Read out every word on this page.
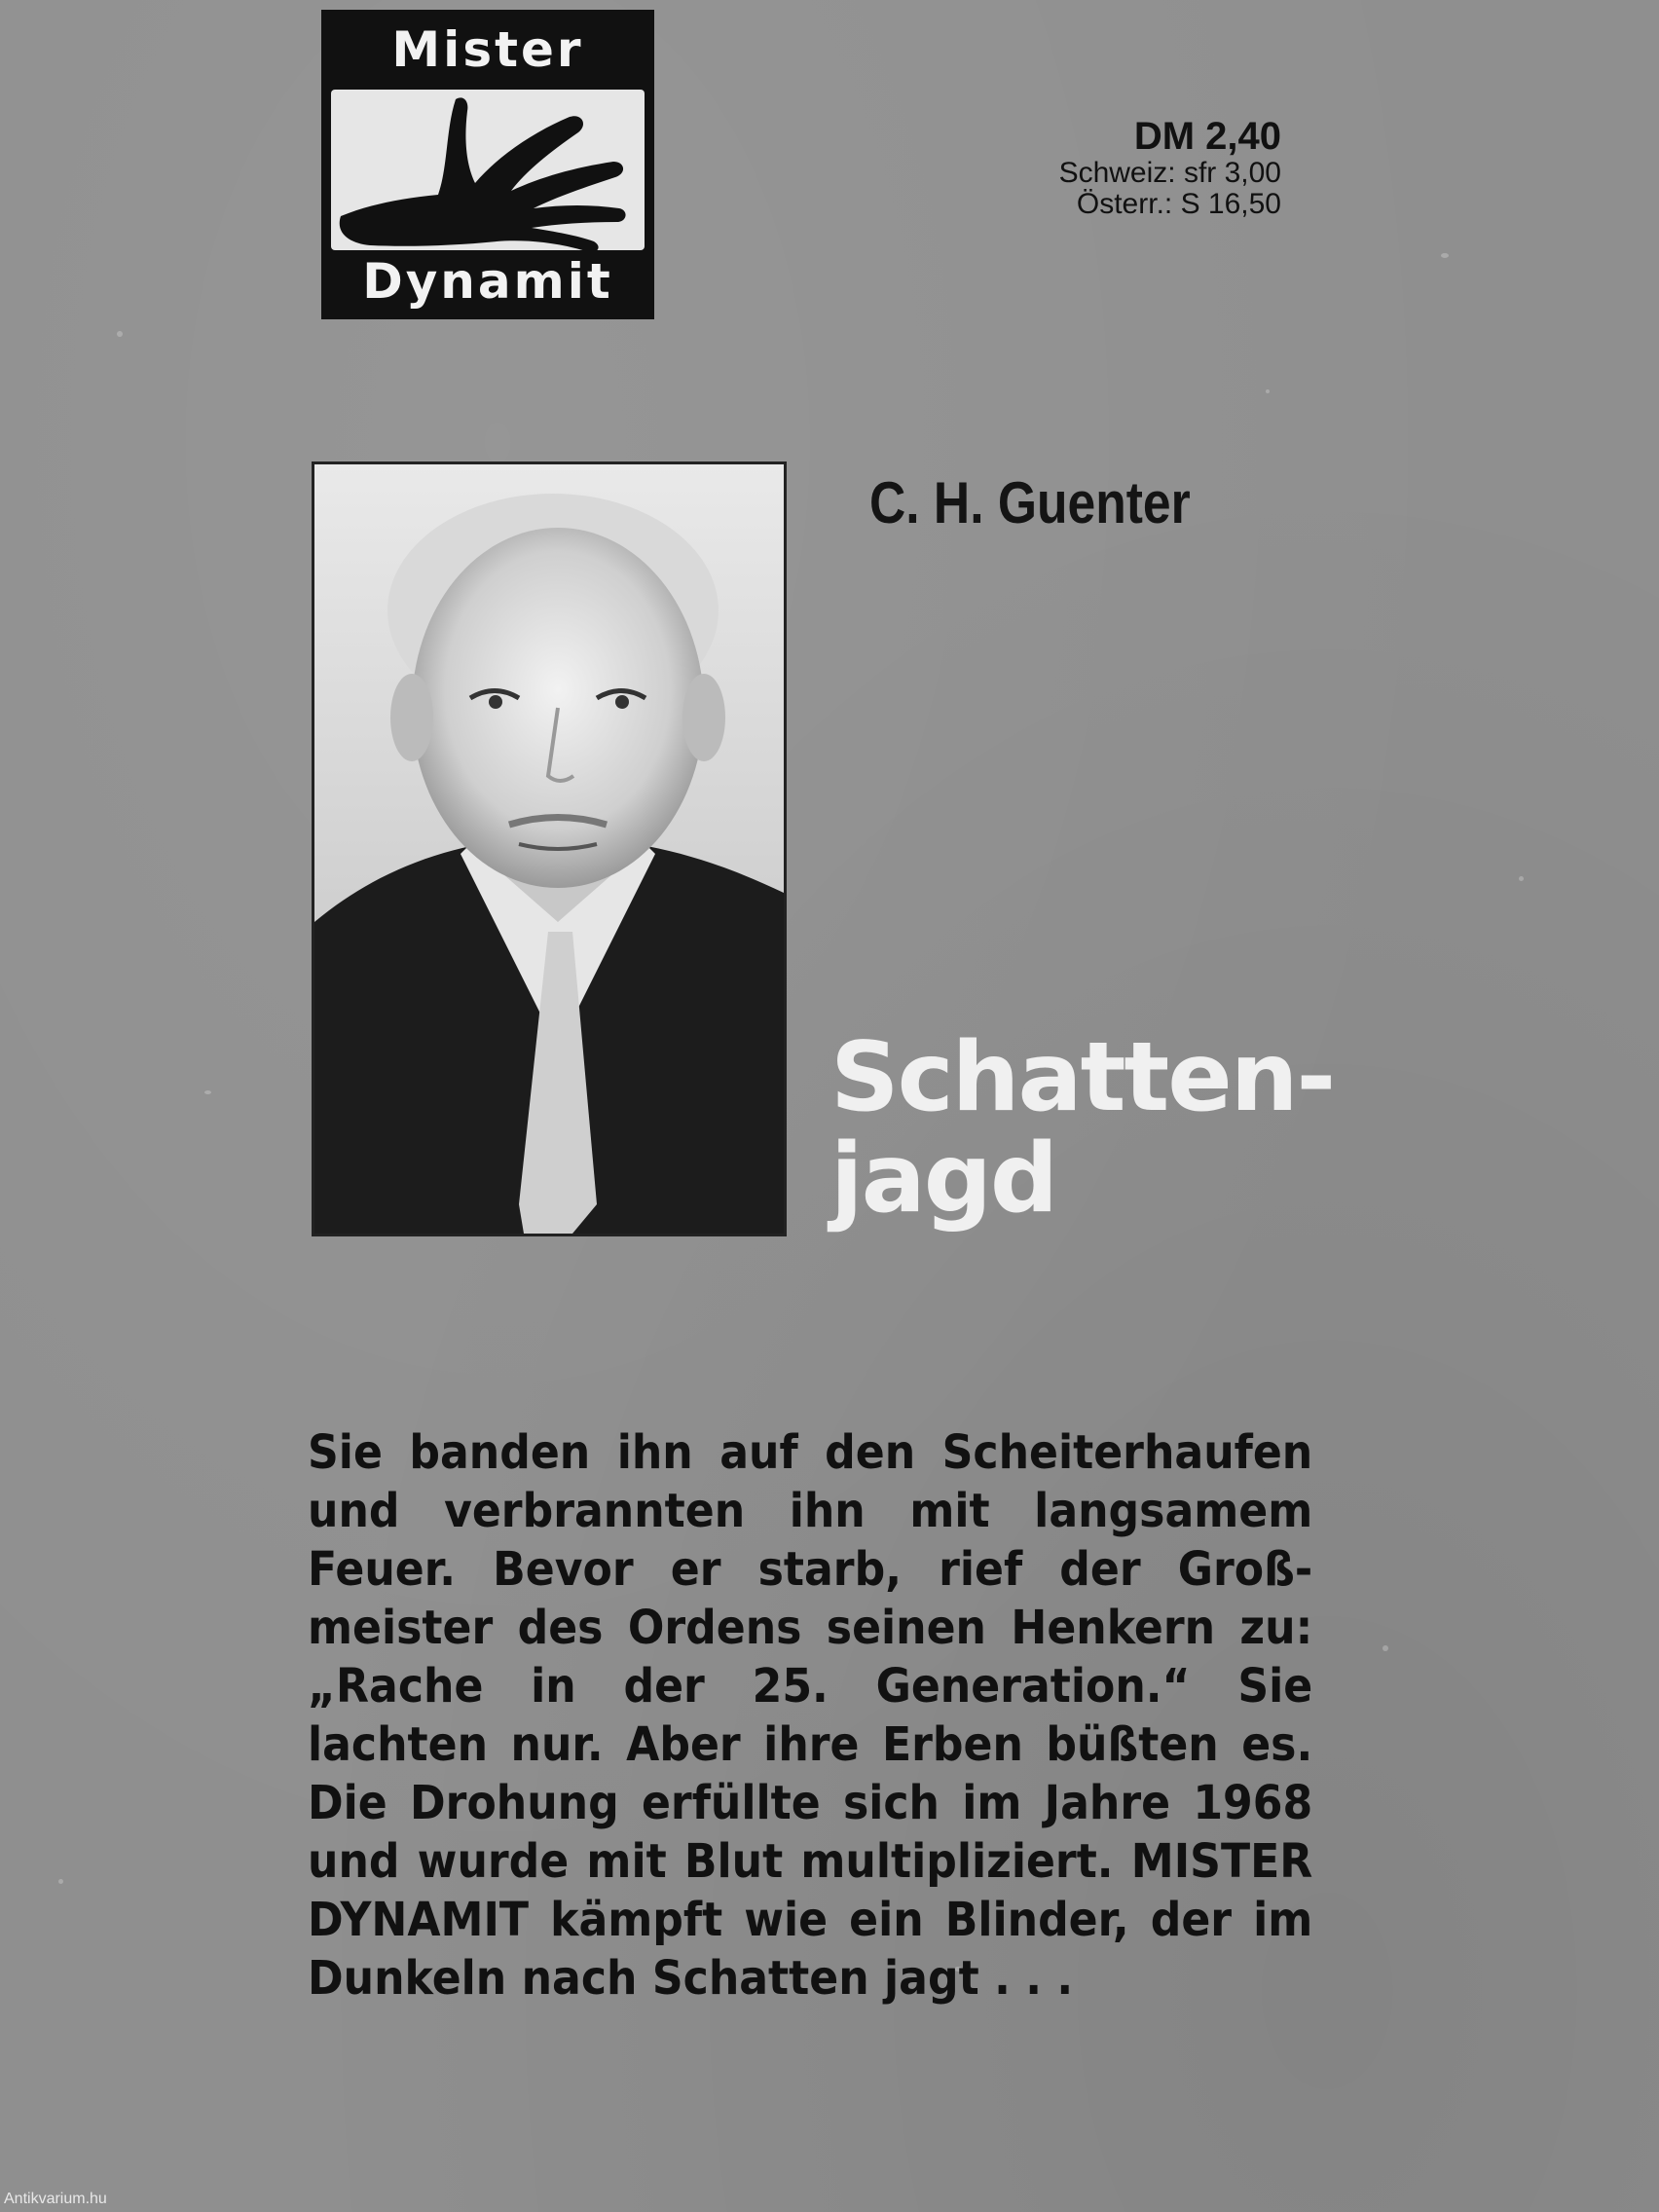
Mister
Dynamit
DM 2,40
Schweiz: sfr 3,00
Österr.: S 16,50
C. H. Guenter
Schatten-
jagd
Sie banden ihn auf den Scheiterhaufen und verbrannten ihn mit langsamem Feuer. Bevor er starb, rief der Großmeister des Ordens seinen Henkern zu: „Rache in der 25. Generation.“ Sie lachten nur. Aber ihre Erben büßten es. Die Drohung erfüllte sich im Jahre 1968 und wurde mit Blut multipliziert. MISTER DYNAMIT kämpft wie ein Blinder, der im Dunkeln nach Schatten jagt . . .
Antikvarium.hu
